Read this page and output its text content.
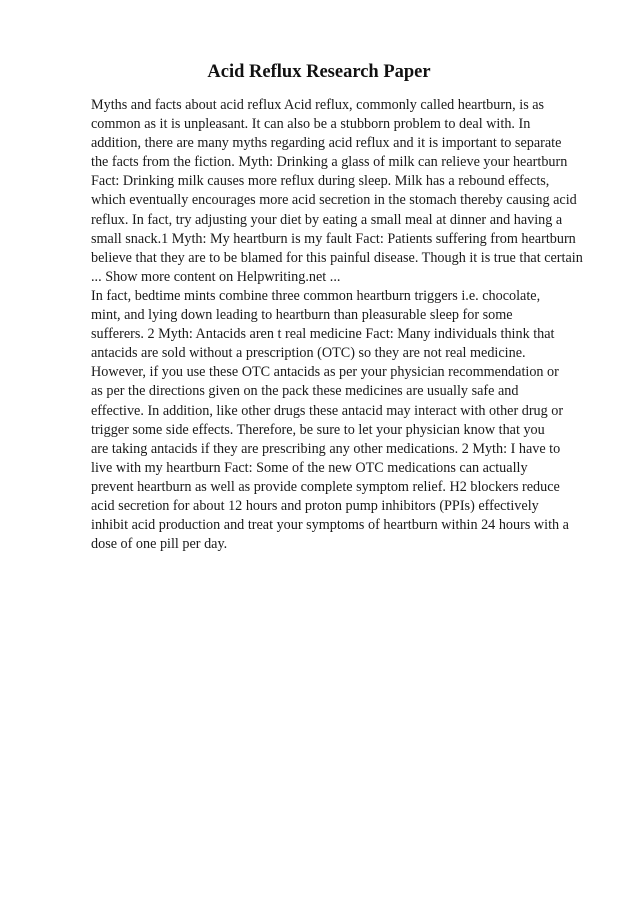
Acid Reflux Research Paper
Myths and facts about acid reflux Acid reflux, commonly called heartburn, is as
common as it is unpleasant. It can also be a stubborn problem to deal with. In
addition, there are many myths regarding acid reflux and it is important to separate
the facts from the fiction. Myth: Drinking a glass of milk can relieve your heartburn
Fact: Drinking milk causes more reflux during sleep. Milk has a rebound effects,
which eventually encourages more acid secretion in the stomach thereby causing acid
reflux. In fact, try adjusting your diet by eating a small meal at dinner and having a
small snack.1 Myth: My heartburn is my fault Fact: Patients suffering from heartburn
believe that they are to be blamed for this painful disease. Though it is true that certain
... Show more content on Helpwriting.net ...
In fact, bedtime mints combine three common heartburn triggers i.e. chocolate,
mint, and lying down leading to heartburn than pleasurable sleep for some
sufferers. 2 Myth: Antacids aren t real medicine Fact: Many individuals think that
antacids are sold without a prescription (OTC) so they are not real medicine.
However, if you use these OTC antacids as per your physician recommendation or
as per the directions given on the pack these medicines are usually safe and
effective. In addition, like other drugs these antacid may interact with other drug or
trigger some side effects. Therefore, be sure to let your physician know that you
are taking antacids if they are prescribing any other medications. 2 Myth: I have to
live with my heartburn Fact: Some of the new OTC medications can actually
prevent heartburn as well as provide complete symptom relief. H2 blockers reduce
acid secretion for about 12 hours and proton pump inhibitors (PPIs) effectively
inhibit acid production and treat your symptoms of heartburn within 24 hours with a
dose of one pill per day.
